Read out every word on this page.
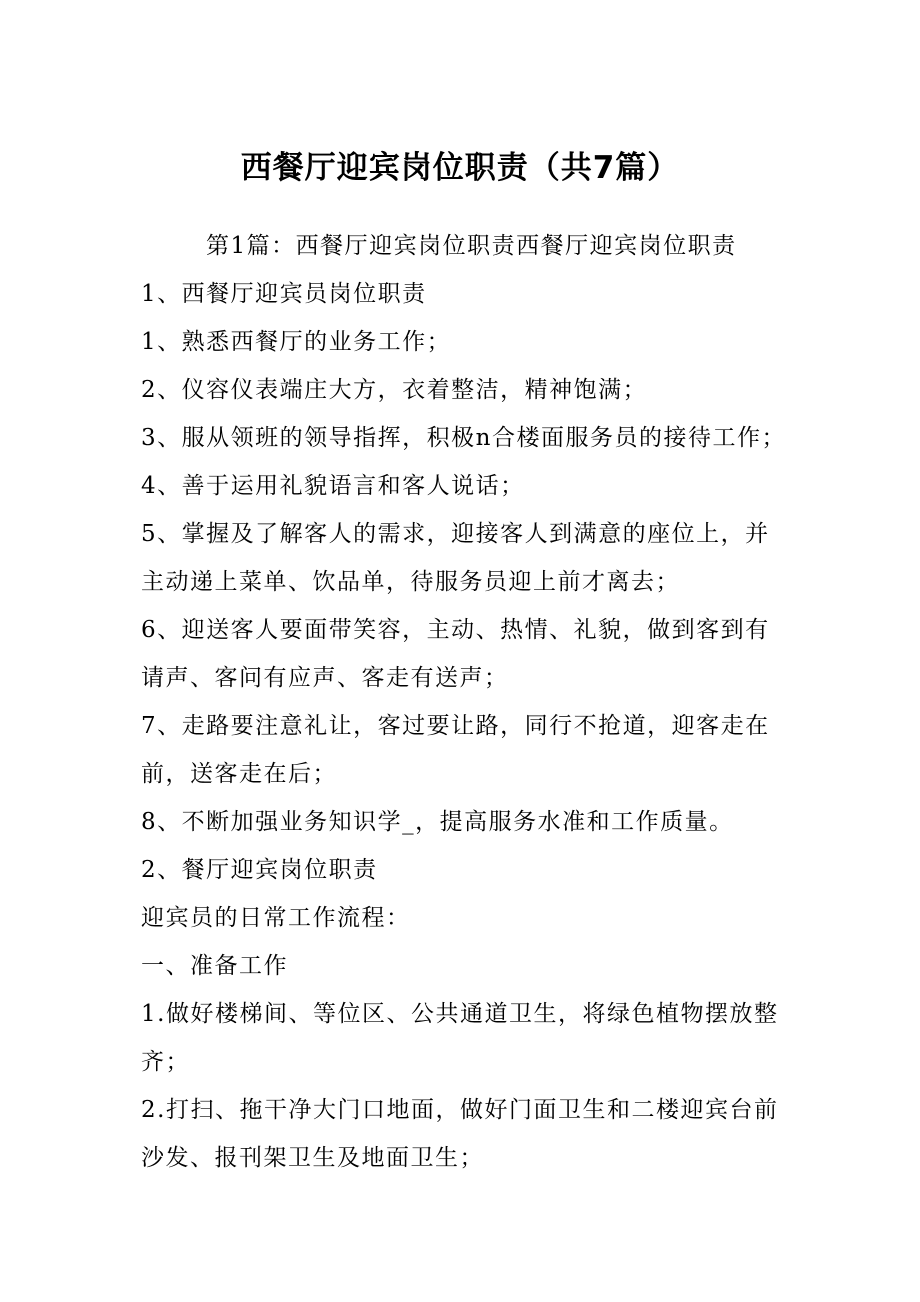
西餐厅迎宾岗位职责（共7篇）
第1篇：西餐厅迎宾岗位职责西餐厅迎宾岗位职责
1、西餐厅迎宾员岗位职责
1、熟悉西餐厅的业务工作；
2、仪容仪表端庄大方，衣着整洁，精神饱满；
3、服从领班的领导指挥，积极n合楼面服务员的接待工作；
4、善于运用礼貌语言和客人说话；
5、掌握及了解客人的需求，迎接客人到满意的座位上，并
主动递上菜单、饮品单，待服务员迎上前才离去；
6、迎送客人要面带笑容，主动、热情、礼貌，做到客到有
请声、客问有应声、客走有送声；
7、走路要注意礼让，客过要让路，同行不抢道，迎客走在
前，送客走在后；
8、不断加强业务知识学_，提高服务水准和工作质量。
2、餐厅迎宾岗位职责
迎宾员的日常工作流程：
一、准备工作
1.做好楼梯间、等位区、公共通道卫生，将绿色植物摆放整
齐；
2.打扫、拖干净大门口地面，做好门面卫生和二楼迎宾台前
沙发、报刊架卫生及地面卫生；
